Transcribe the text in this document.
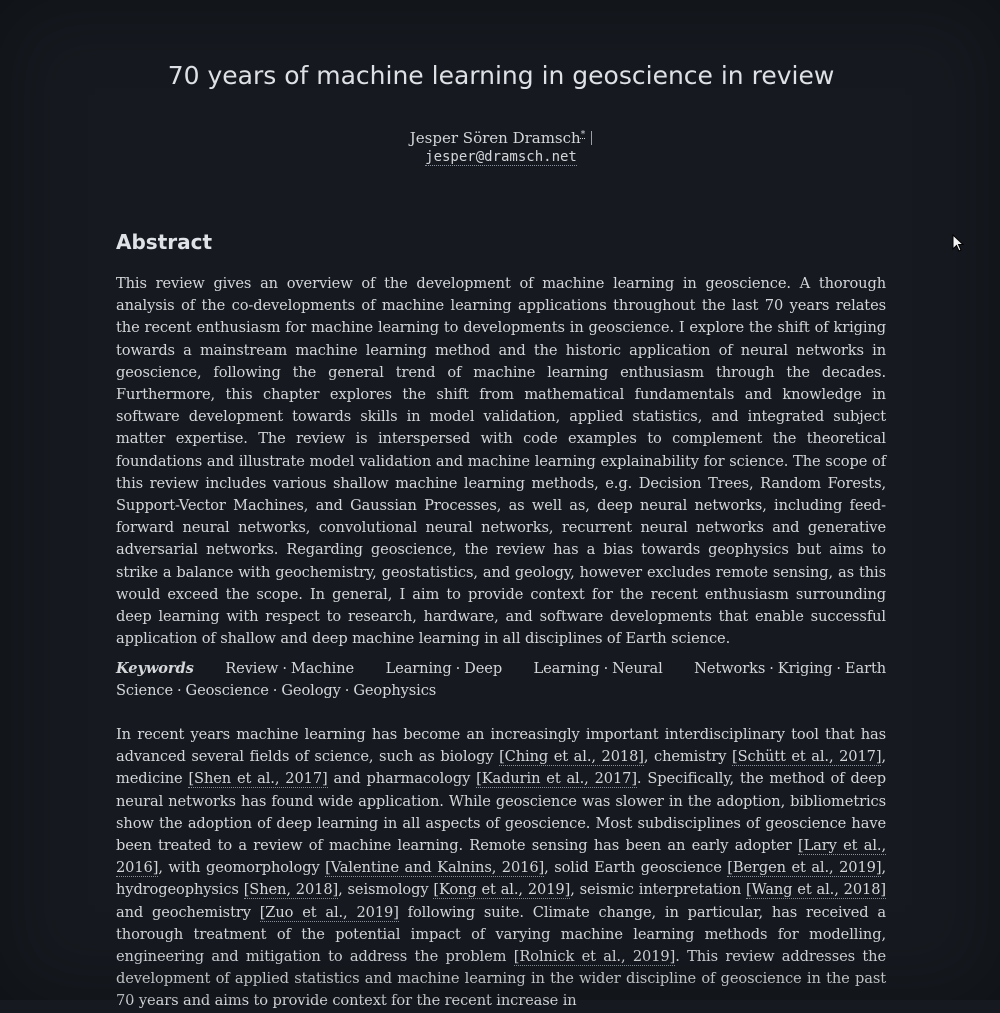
70 years of machine learning in geoscience in review
Jesper Sören Dramsch*
jesper@dramsch.net
Abstract

This review gives an overview of the development of machine learning in geoscience. A thorough analysis of the co-developments of machine learning applications throughout the last 70 years relates the recent enthusiasm for machine learning to developments in geoscience. I explore the shift of kriging towards a mainstream machine learning method and the historic application of neural networks in geoscience, following the general trend of machine learning enthusiasm through the decades. Furthermore, this chapter explores the shift from mathematical fundamentals and knowledge in software development towards skills in model validation, applied statistics, and integrated subject matter expertise. The review is interspersed with code examples to complement the theoretical foundations and illustrate model validation and machine learning explainability for science. The scope of this review includes various shallow machine learning methods, e.g. Decision Trees, Random Forests, Support-Vector Machines, and Gaussian Processes, as well as, deep neural networks, including feed-forward neural networks, convolutional neural networks, recurrent neural networks and generative adversarial networks. Regarding geoscience, the review has a bias towards geophysics but aims to strike a balance with geochemistry, geostatistics, and geology, however excludes remote sensing, as this would exceed the scope. In general, I aim to provide context for the recent enthusiasm surrounding deep learning with respect to research, hardware, and software developments that enable successful application of shallow and deep machine learning in all disciplines of Earth science.

Keywords Review · Machine Learning · Deep Learning · Neural Networks · Kriging · Earth Science · Geoscience · Geology · Geophysics

In recent years machine learning has become an increasingly important interdisciplinary tool that has advanced several fields of science, such as biology [Ching et al., 2018], chemistry [Schütt et al., 2017], medicine [Shen et al., 2017] and pharmacology [Kadurin et al., 2017]. Specifically, the method of deep neural networks has found wide application. While geoscience was slower in the adoption, bibliometrics show the adoption of deep learning in all aspects of geoscience. Most subdisciplines of geoscience have been treated to a review of machine learning. Remote sensing has been an early adopter [Lary et al., 2016], with geomorphology [Valentine and Kalnins, 2016], solid Earth geoscience [Bergen et al., 2019], hydrogeophysics [Shen, 2018], seismology [Kong et al., 2019], seismic interpretation [Wang et al., 2018] and geochemistry [Zuo et al., 2019] following suite. Climate change, in particular, has received a thorough treatment of the potential impact of varying machine learning methods for modelling, engineering and mitigation to address the problem [Rolnick et al., 2019]. This review addresses the development of applied statistics and machine learning in the wider discipline of geoscience in the past 70 years and aims to provide context for the recent increase in
